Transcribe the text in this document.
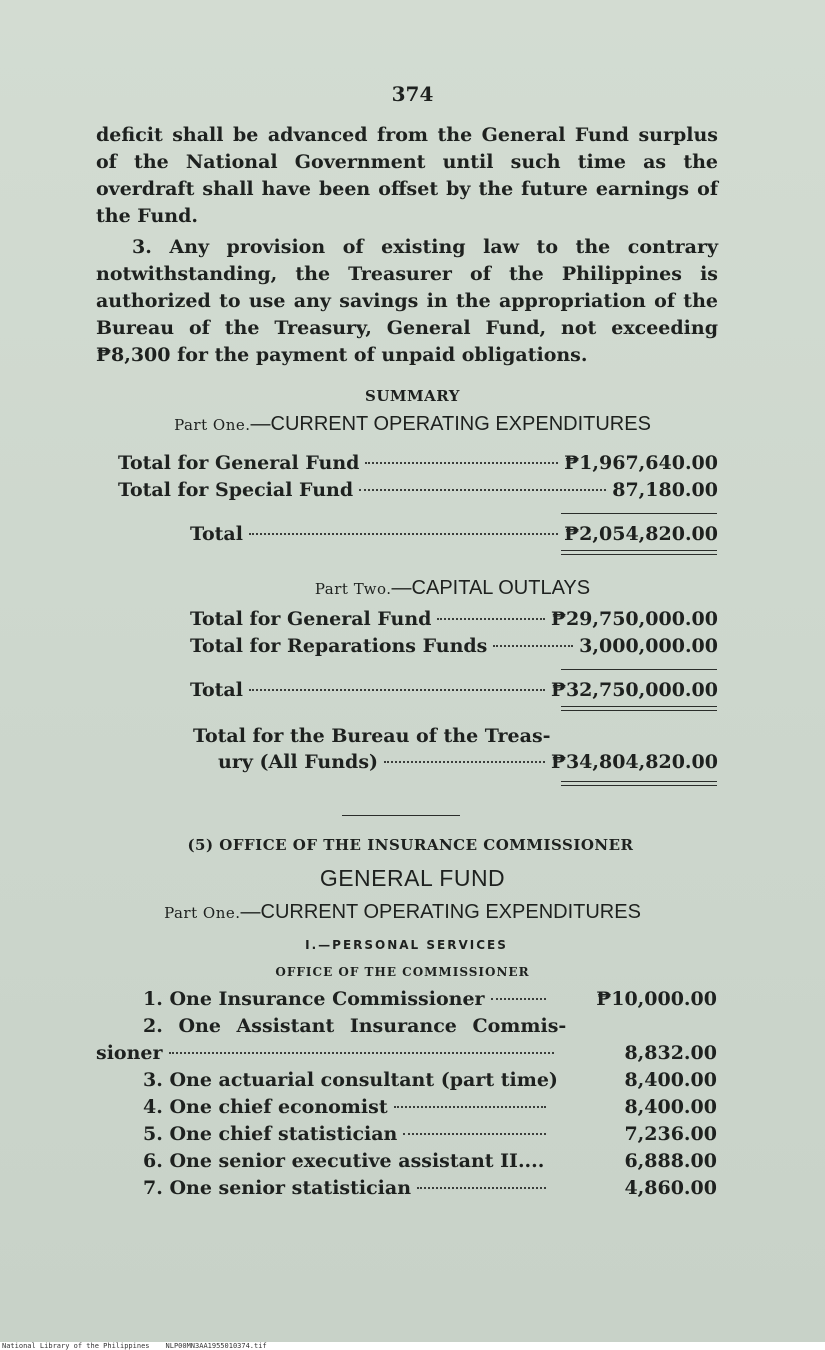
374
deficit shall be advanced from the General Fund surplus of the National Government until such time as the overdraft shall have been offset by the future earnings of the Fund.
3. Any provision of existing law to the contrary notwithstanding, the Treasurer of the Philippines is authorized to use any savings in the appropriation of the Bureau of the Treasury, General Fund, not exceeding ₱8,300 for the payment of unpaid obligations.
SUMMARY
Part One.—CURRENT OPERATING EXPENDITURES
Total for General Fund	₱1,967,640.00
Total for Special Fund	87,180.00
Total	₱2,054,820.00
Part Two.—CAPITAL OUTLAYS
Total for General Fund	₱29,750,000.00
Total for Reparations Funds	3,000,000.00
Total	₱32,750,000.00
Total for the Bureau of the Treas-
ury (All Funds)	₱34,804,820.00
(5) OFFICE OF THE INSURANCE COMMISSIONER
GENERAL FUND
Part One.—CURRENT OPERATING EXPENDITURES
I.—PERSONAL SERVICES
OFFICE OF THE COMMISSIONER
1. One Insurance Commissioner	₱10,000.00
2. One Assistant Insurance Commis-
sioner	8,832.00
3. One actuarial consultant (part time)	8,400.00
4. One chief economist	8,400.00
5. One chief statistician	7,236.00
6. One senior executive assistant II....	6,888.00
7. One senior statistician	4,860.00
National Library of the Philippines NLP00MN3AA1955010374.tif
